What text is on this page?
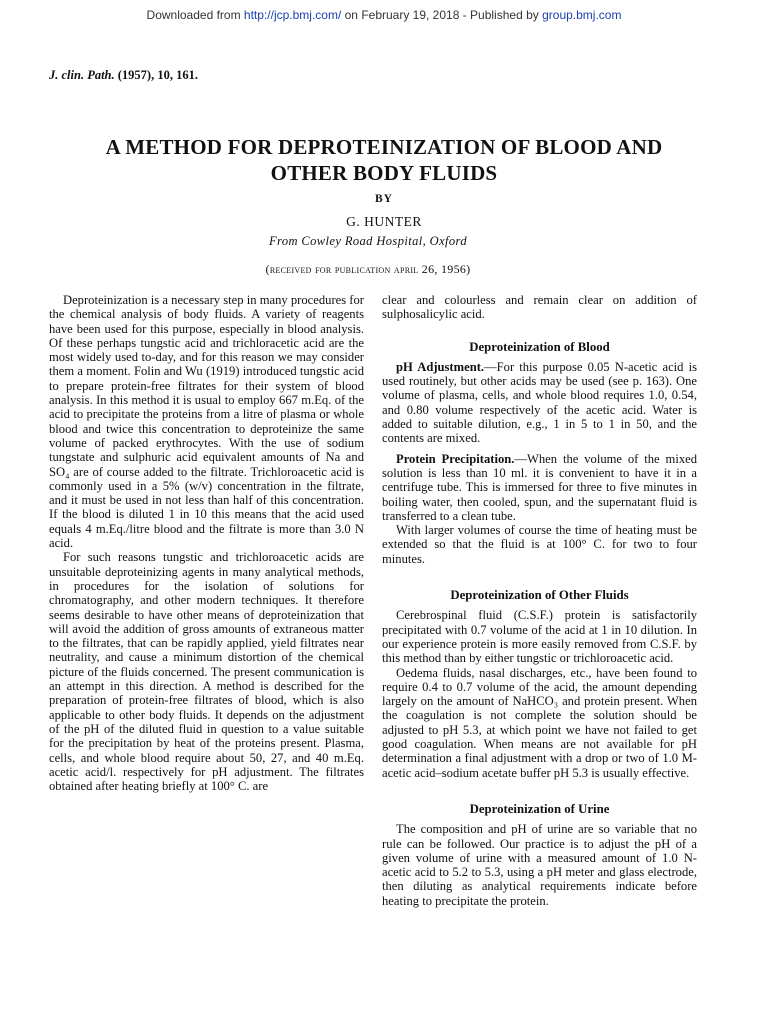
Downloaded from http://jcp.bmj.com/ on February 19, 2018 - Published by group.bmj.com
J. clin. Path. (1957), 10, 161.
A METHOD FOR DEPROTEINIZATION OF BLOOD AND
OTHER BODY FLUIDS
BY
G. HUNTER
From Cowley Road Hospital, Oxford
(received for publication april 26, 1956)

Deproteinization is a necessary step in many procedures for the chemical analysis of body fluids. A variety of reagents have been used for this purpose, especially in blood analysis. Of these perhaps tungstic acid and trichloracetic acid are the most widely used to-day, and for this reason we may consider them a moment. Folin and Wu (1919) introduced tungstic acid to prepare protein-free filtrates for their system of blood analysis. In this method it is usual to employ 667 m.Eq. of the acid to precipitate the proteins from a litre of plasma or whole blood and twice this concentration to deproteinize the same volume of packed erythrocytes. With the use of sodium tungstate and sulphuric acid equivalent amounts of Na and SO₄ are of course added to the filtrate. Trichloroacetic acid is commonly used in a 5% (w/v) concentration in the filtrate, and it must be used in not less than half of this concentration. If the blood is diluted 1 in 10 this means that the acid used equals 4 m.Eq./litre blood and the filtrate is more than 3.0 N acid.

For such reasons tungstic and trichloroacetic acids are unsuitable deproteinizing agents in many analytical methods, in procedures for the isolation of solutions for chromatography, and other modern techniques. It therefore seems desirable to have other means of deproteinization that will avoid the addition of gross amounts of extraneous matter to the filtrates, that can be rapidly applied, yield filtrates near neutrality, and cause a minimum distortion of the chemical picture of the fluids concerned. The present communication is an attempt in this direction. A method is described for the preparation of protein-free filtrates of blood, which is also applicable to other body fluids. It depends on the adjustment of the pH of the diluted fluid in question to a value suitable for the precipitation by heat of the proteins present. Plasma, cells, and whole blood require about 50, 27, and 40 m.Eq. acetic acid/l. respectively for pH adjustment. The filtrates obtained after heating briefly at 100° C. are

clear and colourless and remain clear on addition of sulphosalicylic acid.

Deproteinization of Blood

pH Adjustment.—For this purpose 0.05 N-acetic acid is used routinely, but other acids may be used (see p. 163). One volume of plasma, cells, and whole blood requires 1.0, 0.54, and 0.80 volume respectively of the acetic acid. Water is added to suitable dilution, e.g., 1 in 5 to 1 in 50, and the contents are mixed.

Protein Precipitation.—When the volume of the mixed solution is less than 10 ml. it is convenient to have it in a centrifuge tube. This is immersed for three to five minutes in boiling water, then cooled, spun, and the supernatant fluid is transferred to a clean tube.

With larger volumes of course the time of heating must be extended so that the fluid is at 100° C. for two to four minutes.

Deproteinization of Other Fluids

Cerebrospinal fluid (C.S.F.) protein is satisfactorily precipitated with 0.7 volume of the acid at 1 in 10 dilution. In our experience protein is more easily removed from C.S.F. by this method than by either tungstic or trichloroacetic acid.

Oedema fluids, nasal discharges, etc., have been found to require 0.4 to 0.7 volume of the acid, the amount depending largely on the amount of NaHCO₃ and protein present. When the coagulation is not complete the solution should be adjusted to pH 5.3, at which point we have not failed to get good coagulation. When means are not available for pH determination a final adjustment with a drop or two of 1.0 M-acetic acid–sodium acetate buffer pH 5.3 is usually effective.

Deproteinization of Urine

The composition and pH of urine are so variable that no rule can be followed. Our practice is to adjust the pH of a given volume of urine with a measured amount of 1.0 N-acetic acid to 5.2 to 5.3, using a pH meter and glass electrode, then diluting as analytical requirements indicate before heating to precipitate the protein.
